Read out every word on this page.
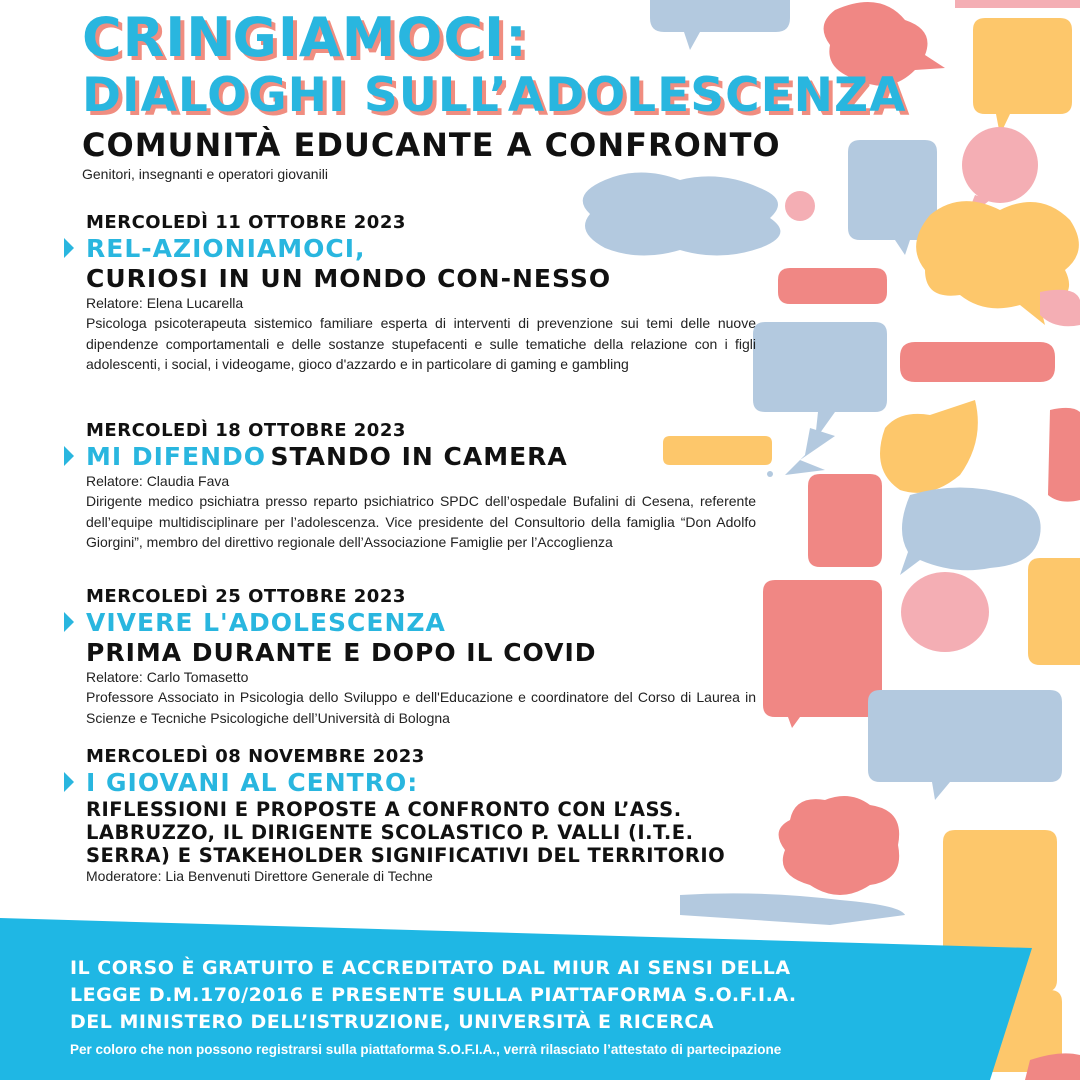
CRINGIAMOCI:
DIALOGHI SULL’ADOLESCENZA
COMUNITÀ EDUCANTE A CONFRONTO
Genitori, insegnanti e operatori giovanili
MERCOLEDÌ 11 OTTOBRE 2023
REL-AZIONIAMOCI,
CURIOSI IN UN MONDO CON-NESSO
Relatore: Elena Lucarella
Psicologa psicoterapeuta sistemico familiare esperta di interventi di prevenzione sui temi delle nuove dipendenze comportamentali e delle sostanze stupefacenti e sulle tematiche della relazione con i figli adolescenti, i social, i videogame, gioco d'azzardo e in particolare di gaming e gambling
MERCOLEDÌ 18 OTTOBRE 2023
MI DIFENDO STANDO IN CAMERA
Relatore: Claudia Fava
Dirigente medico psichiatra presso reparto psichiatrico SPDC dell’ospedale Bufalini di Cesena, referente dell’equipe multidisciplinare per l’adolescenza. Vice presidente del Consultorio della famiglia “Don Adolfo Giorgini”, membro del direttivo regionale dell’Associazione Famiglie per l’Accoglienza
MERCOLEDÌ 25 OTTOBRE 2023
VIVERE L'ADOLESCENZA
PRIMA DURANTE E DOPO IL COVID
Relatore: Carlo Tomasetto
Professore Associato in Psicologia dello Sviluppo e dell'Educazione e coordinatore del Corso di Laurea in Scienze e Tecniche Psicologiche dell’Università di Bologna
MERCOLEDÌ 08 NOVEMBRE 2023
I GIOVANI AL CENTRO:
RIFLESSIONI E PROPOSTE A CONFRONTO CON L’ASS. LABRUZZO, IL DIRIGENTE SCOLASTICO P. VALLI (I.T.E. SERRA) E STAKEHOLDER SIGNIFICATIVI DEL TERRITORIO
Moderatore: Lia Benvenuti Direttore Generale di Techne
IL CORSO È GRATUITO E ACCREDITATO DAL MIUR AI SENSI DELLA
LEGGE D.M.170/2016 E PRESENTE SULLA PIATTAFORMA S.O.F.I.A.
DEL MINISTERO DELL’ISTRUZIONE, UNIVERSITÀ E RICERCA
Per coloro che non possono registrarsi sulla piattaforma S.O.F.I.A., verrà rilasciato l’attestato di partecipazione
